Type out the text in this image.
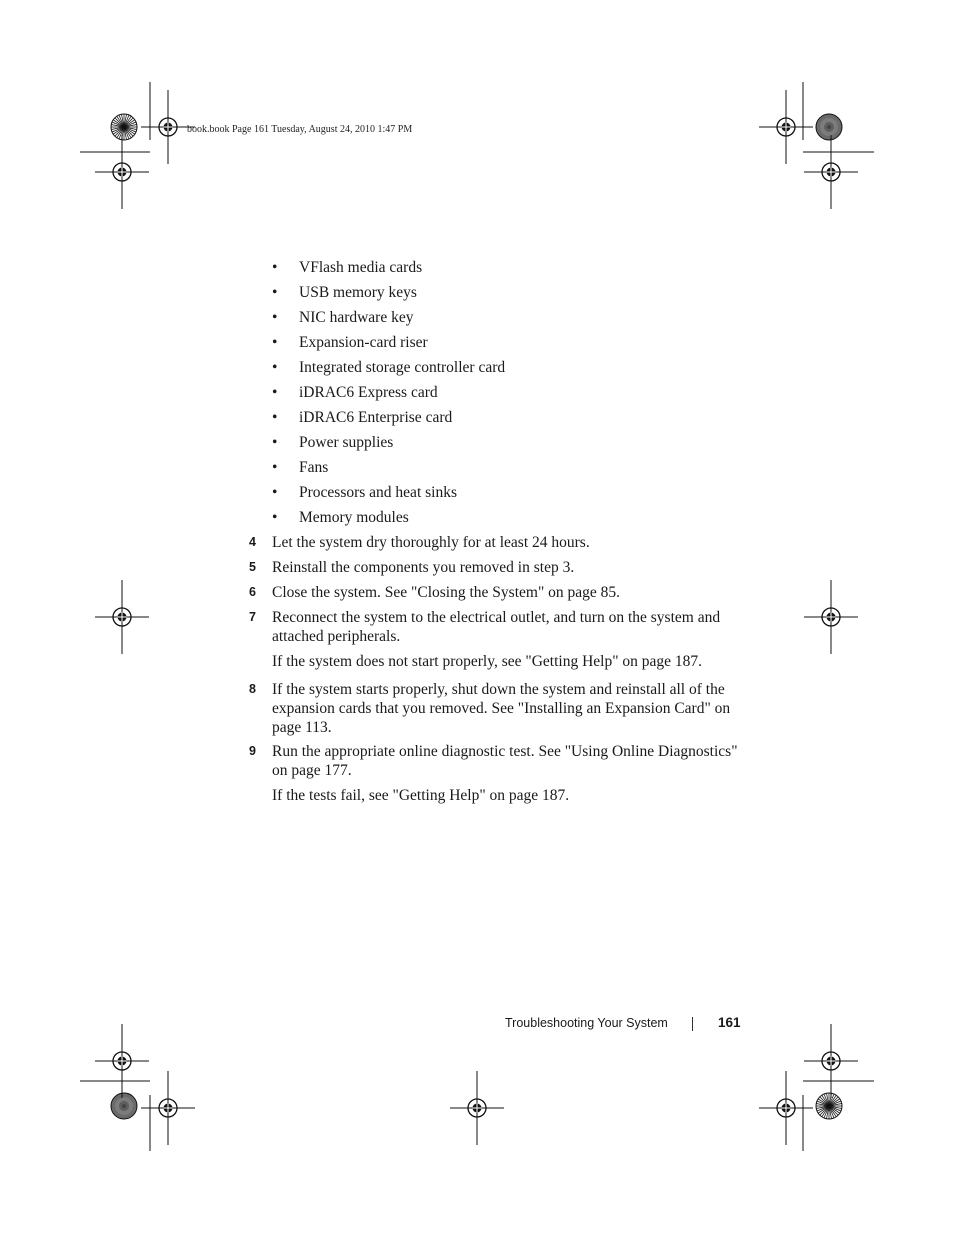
book.book Page 161 Tuesday, August 24, 2010 1:47 PM
• VFlash media cards
• USB memory keys
• NIC hardware key
• Expansion-card riser
• Integrated storage controller card
• iDRAC6 Express card
• iDRAC6 Enterprise card
• Power supplies
• Fans
• Processors and heat sinks
• Memory modules
4 Let the system dry thoroughly for at least 24 hours.
5 Reinstall the components you removed in step 3.
6 Close the system. See "Closing the System" on page 85.
7 Reconnect the system to the electrical outlet, and turn on the system and attached peripherals.
If the system does not start properly, see "Getting Help" on page 187.
8 If the system starts properly, shut down the system and reinstall all of the expansion cards that you removed. See "Installing an Expansion Card" on page 113.
9 Run the appropriate online diagnostic test. See "Using Online Diagnostics" on page 177.
If the tests fail, see "Getting Help" on page 187.
Troubleshooting Your System	161
